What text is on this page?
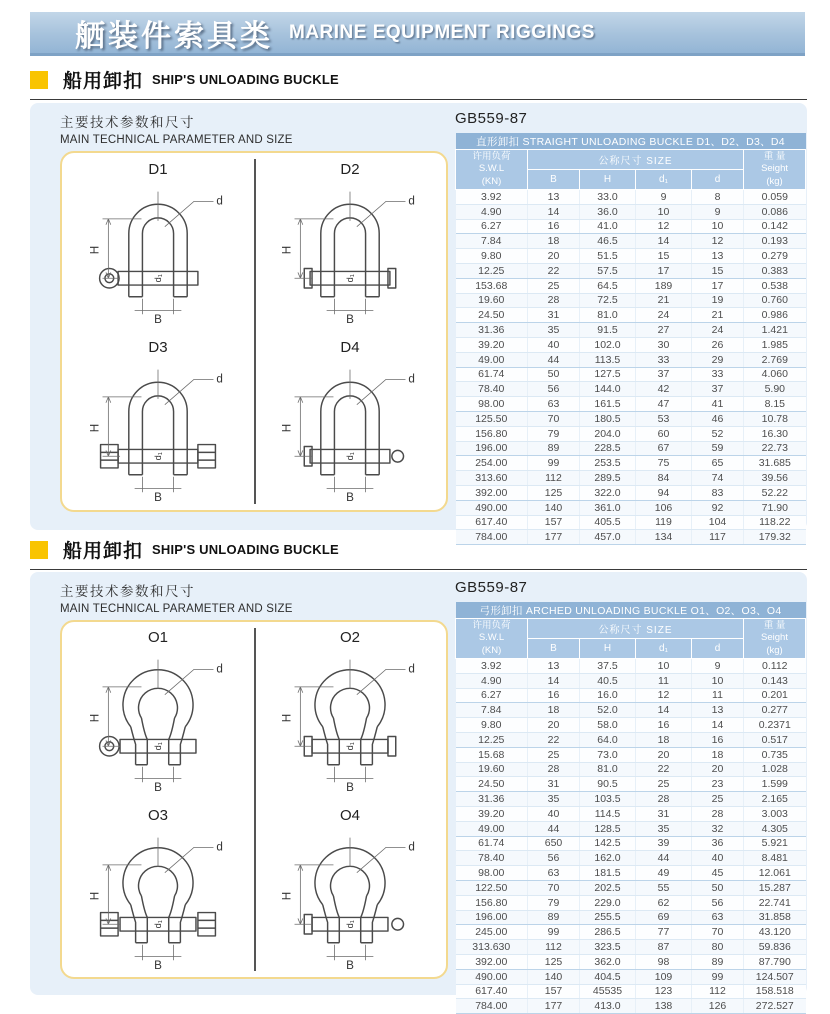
舾装件索具类 MARINE EQUIPMENT RIGGINGS
船用卸扣 SHIP'S UNLOADING BUCKLE
主要技术参数和尺寸
MAIN TECHNICAL PARAMETER AND SIZE
GB559-87
D1
d
H
B
d₁
D2
d
H
B
d₁
D3
d
H
B
d₁
D4
d
H
B
d₁
直形卸扣 STRAIGHT UNLOADING BUCKLE D1、D2、D3、D4					

许用负荷
S.W.L
(KN)
	公称尺寸 SIZE	重 量
Seight
(kg)

	B	H	d₁	d	
3.92	13	33.0	9	8	0.059
4.90	14	36.0	10	9	0.086
6.27	16	41.0	12	10	0.142
7.84	18	46.5	14	12	0.193
9.80	20	51.5	15	13	0.279
12.25	22	57.5	17	15	0.383
153.68	25	64.5	189	17	0.538
19.60	28	72.5	21	19	0.760
24.50	31	81.0	24	21	0.986
31.36	35	91.5	27	24	1.421
39.20	40	102.0	30	26	1.985
49.00	44	113.5	33	29	2.769
61.74	50	127.5	37	33	4.060
78.40	56	144.0	42	37	5.90
98.00	63	161.5	47	41	8.15
125.50	70	180.5	53	46	10.78
156.80	79	204.0	60	52	16.30
196.00	89	228.5	67	59	22.73
254.00	99	253.5	75	65	31.685
313.60	112	289.5	84	74	39.56
392.00	125	322.0	94	83	52.22
490.00	140	361.0	106	92	71.90
617.40	157	405.5	119	104	118.22
784.00	177	457.0	134	117	179.32
船用卸扣 SHIP'S UNLOADING BUCKLE
主要技术参数和尺寸
MAIN TECHNICAL PARAMETER AND SIZE
GB559-87
O1
d
H
B
d₁
O2
d
H
B
d₁
O3
d
H
B
d₁
O4
d
H
B
d₁
弓形卸扣 ARCHED UNLOADING BUCKLE O1、O2、O3、O4					

许用负荷
S.W.L
(KN)
	公称尺寸 SIZE	重 量
Seight
(kg)

	B	H	d₁	d	
3.92	13	37.5	10	9	0.112
4.90	14	40.5	11	10	0.143
6.27	16	16.0	12	11	0.201
7.84	18	52.0	14	13	0.277
9.80	20	58.0	16	14	0.2371
12.25	22	64.0	18	16	0.517
15.68	25	73.0	20	18	0.735
19.60	28	81.0	22	20	1.028
24.50	31	90.5	25	23	1.599
31.36	35	103.5	28	25	2.165
39.20	40	114.5	31	28	3.003
49.00	44	128.5	35	32	4.305
61.74	650	142.5	39	36	5.921
78.40	56	162.0	44	40	8.481
98.00	63	181.5	49	45	12.061
122.50	70	202.5	55	50	15.287
156.80	79	229.0	62	56	22.741
196.00	89	255.5	69	63	31.858
245.00	99	286.5	77	70	43.120
313.630	112	323.5	87	80	59.836
392.00	125	362.0	98	89	87.790
490.00	140	404.5	109	99	124.507
617.40	157	45535	123	112	158.518
784.00	177	413.0	138	126	272.527
